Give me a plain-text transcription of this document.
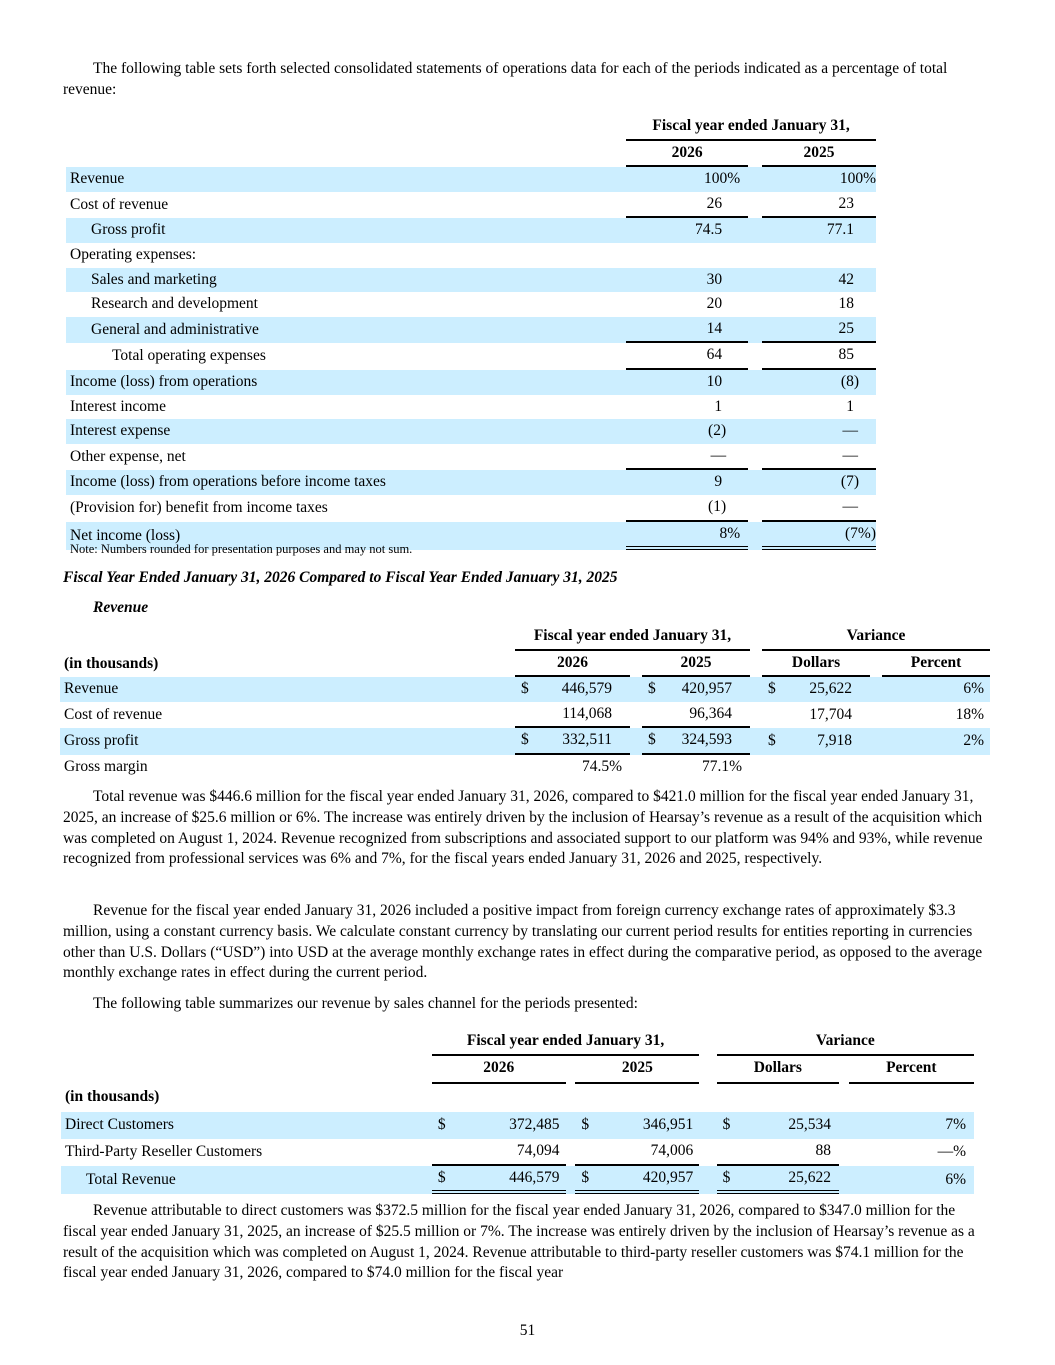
The following table sets forth selected consolidated statements of operations data for each of the periods indicated as a percentage of total revenue:

	Fiscal year ended January 31,		
	2026		2025
Revenue	100%		100%
Cost of revenue	26		23
Gross profit	74.5		77.1
Operating expenses:			
Sales and marketing	30		42
Research and development	20		18
General and administrative	14		25
Total operating expenses	64		85
Income (loss) from operations	10		(8)
Interest income	1		1
Interest expense	(2)		—
Other expense, net	—		—
Income (loss) from operations before income taxes	9		(7)
(Provision for) benefit from income taxes	(1)		—
Net income (loss)	8%		(7%)
Note: Numbers rounded for presentation purposes and may not sum.

Fiscal Year Ended January 31, 2026 Compared to Fiscal Year Ended January 31, 2025

Revenue

	Fiscal year ended January 31,						Variance			
(in thousands)	2026			2025			Dollars			Percent
Revenue	$	446,579		$	420,957		$	25,622		6%
Cost of revenue		114,068			96,364			17,704		18%
Gross profit	$	332,511		$	324,593		$	7,918		2%
Gross margin		74.5%			77.1%					

Total revenue was $446.6 million for the fiscal year ended January 31, 2026, compared to $421.0 million for the fiscal year ended January 31, 2025, an increase of $25.6 million or 6%. The increase was entirely driven by the inclusion of Hearsay’s revenue as a result of the acquisition which was completed on August 1, 2024. Revenue recognized from subscriptions and associated support to our platform was 94% and 93%, while revenue recognized from professional services was 6% and 7%, for the fiscal years ended January 31, 2026 and 2025, respectively.

Revenue for the fiscal year ended January 31, 2026 included a positive impact from foreign currency exchange rates of approximately $3.3 million, using a constant currency basis. We calculate constant currency by translating our current period results for entities reporting in currencies other than U.S. Dollars (“USD”) into USD at the average monthly exchange rates in effect during the comparative period, as opposed to the average monthly exchange rates in effect during the current period.

The following table summarizes our revenue by sales channel for the periods presented:

	Fiscal year ended January 31,				Variance		
	2026		2025		Dollars		Percent
(in thousands)							
Direct Customers	$ 372,485		$ 346,951		$ 25,534		7%
Third-Party Reseller Customers	74,094		74,006		88		—%
Total Revenue	$ 446,579		$ 420,957		$ 25,622		6%

Revenue attributable to direct customers was $372.5 million for the fiscal year ended January 31, 2026, compared to $347.0 million for the fiscal year ended January 31, 2025, an increase of $25.5 million or 7%. The increase was entirely driven by the inclusion of Hearsay’s revenue as a result of the acquisition which was completed on August 1, 2024. Revenue attributable to third-party reseller customers was $74.1 million for the fiscal year ended January 31, 2026, compared to $74.0 million for the fiscal year

51
